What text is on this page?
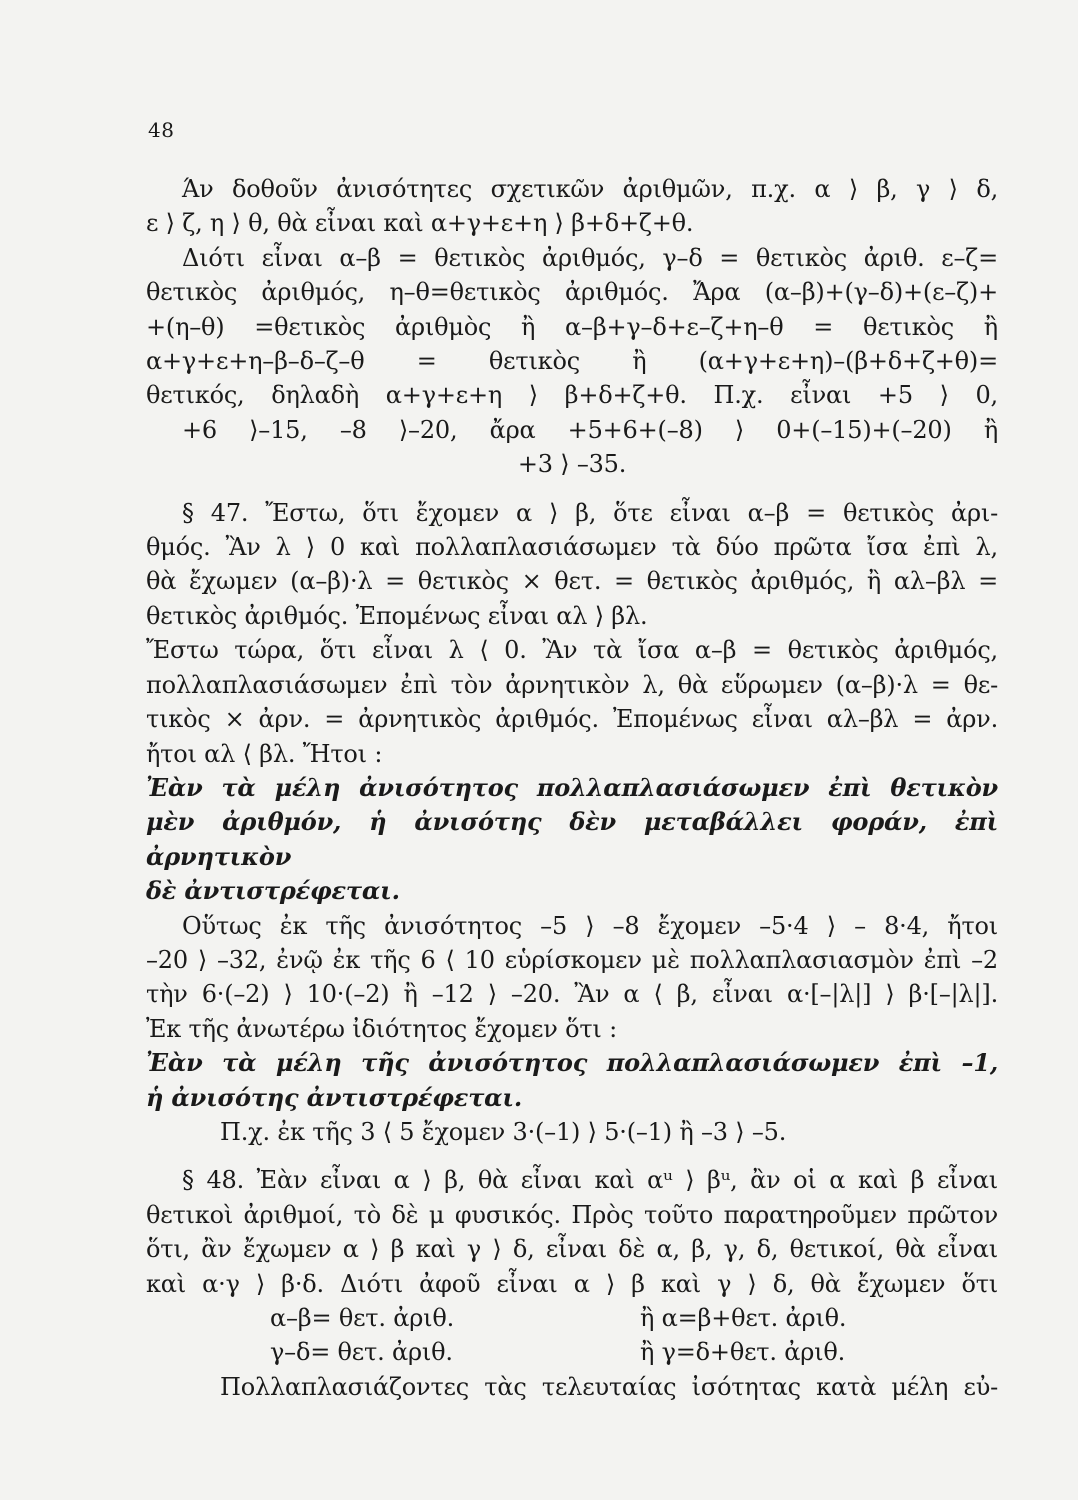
48
Άν δοθοῦν ἀνισότητες σχετικῶν ἀριθμῶν, π.χ. α ⟩ β, γ ⟩ δ,
ε ⟩ ζ, η ⟩ θ, θὰ εἶναι καὶ α+γ+ε+η ⟩ β+δ+ζ+θ.
Διότι εἶναι α–β = θετικὸς ἀριθμός, γ–δ = θετικὸς ἀριθ. ε–ζ=
θετικὸς ἀριθμός, η–θ=θετικὸς ἀριθμός. Ἄρα (α–β)+(γ–δ)+(ε–ζ)+
+(η–θ) =θετικὸς ἀριθμὸς ἢ α–β+γ–δ+ε–ζ+η–θ = θετικὸς ἢ
α+γ+ε+η–β–δ–ζ–θ = θετικὸς ἢ (α+γ+ε+η)–(β+δ+ζ+θ)=
θετικός, δηλαδὴ α+γ+ε+η ⟩ β+δ+ζ+θ. Π.χ. εἶναι +5 ⟩ 0,
+6 ⟩–15, –8 ⟩–20, ἄρα +5+6+(–8) ⟩ 0+(–15)+(–20) ἢ
+3 ⟩ –35.
§ 47. Ἔστω, ὅτι ἔχομεν α ⟩ β, ὅτε εἶναι α–β = θετικὸς ἀρι-
θμός. Ἂν λ ⟩ 0 καὶ πολλαπλασιάσωμεν τὰ δύο πρῶτα ἴσα ἐπὶ λ,
θὰ ἔχωμεν (α–β)·λ = θετικὸς × θετ. = θετικὸς ἀριθμός, ἢ αλ–βλ =
θετικὸς ἀριθμός. Ἐπομένως εἶναι αλ ⟩ βλ.
Ἔστω τώρα, ὅτι εἶναι λ ⟨ 0. Ἂν τὰ ἴσα α–β = θετικὸς ἀριθμός,
πολλαπλασιάσωμεν ἐπὶ τὸν ἀρνητικὸν λ, θὰ εὕρωμεν (α–β)·λ = θε-
τικὸς × ἀρν. = ἀρνητικὸς ἀριθμός. Ἐπομένως εἶναι αλ–βλ = ἀρν.
ἤτοι αλ ⟨ βλ. Ἤτοι :
Ἐὰν τὰ μέλη ἀνισότητος πολλαπλασιάσωμεν ἐπὶ θετικὸν
μὲν ἀριθμόν, ἡ ἀνισότης δὲν μεταβάλλει φοράν, ἐπὶ ἀρνητικὸν
δὲ ἀντιστρέφεται.
Οὕτως ἐκ τῆς ἀνισότητος –5 ⟩ –8 ἔχομεν –5·4 ⟩ – 8·4, ἤτοι
–20 ⟩ –32, ἐνῷ ἐκ τῆς 6 ⟨ 10 εὑρίσκομεν μὲ πολλαπλασιασμὸν ἐπὶ –2
τὴν 6·(–2) ⟩ 10·(–2) ἢ –12 ⟩ –20. Ἂν α ⟨ β, εἶναι α·[–|λ|] ⟩ β·[–|λ|].
Ἐκ τῆς ἀνωτέρω ἰδιότητος ἔχομεν ὅτι :
Ἐὰν τὰ μέλη τῆς ἀνισότητος πολλαπλασιάσωμεν ἐπὶ –1,
ἡ ἀνισότης ἀντιστρέφεται.
Π.χ. ἐκ τῆς 3 ⟨ 5 ἔχομεν 3·(–1) ⟩ 5·(–1) ἢ –3 ⟩ –5.
§ 48. Ἐὰν εἶναι α ⟩ β, θὰ εἶναι καὶ αᵘ ⟩ βᵘ, ἂν οἱ α καὶ β εἶναι
θετικοὶ ἀριθμοί, τὸ δὲ μ φυσικός. Πρὸς τοῦτο παρατηροῦμεν πρῶτον
ὅτι, ἂν ἔχωμεν α ⟩ β καὶ γ ⟩ δ, εἶναι δὲ α, β, γ, δ, θετικοί, θὰ εἶναι
καὶ α·γ ⟩ β·δ. Διότι ἀφοῦ εἶναι α ⟩ β καὶ γ ⟩ δ, θὰ ἔχωμεν ὅτι
α–β= θετ. ἀριθ.	ἢ α=β+θετ. ἀριθ.
γ–δ= θετ. ἀριθ.	ἢ γ=δ+θετ. ἀριθ.
Πολλαπλασιάζοντες τὰς τελευταίας ἰσότητας κατὰ μέλη εὐ-
